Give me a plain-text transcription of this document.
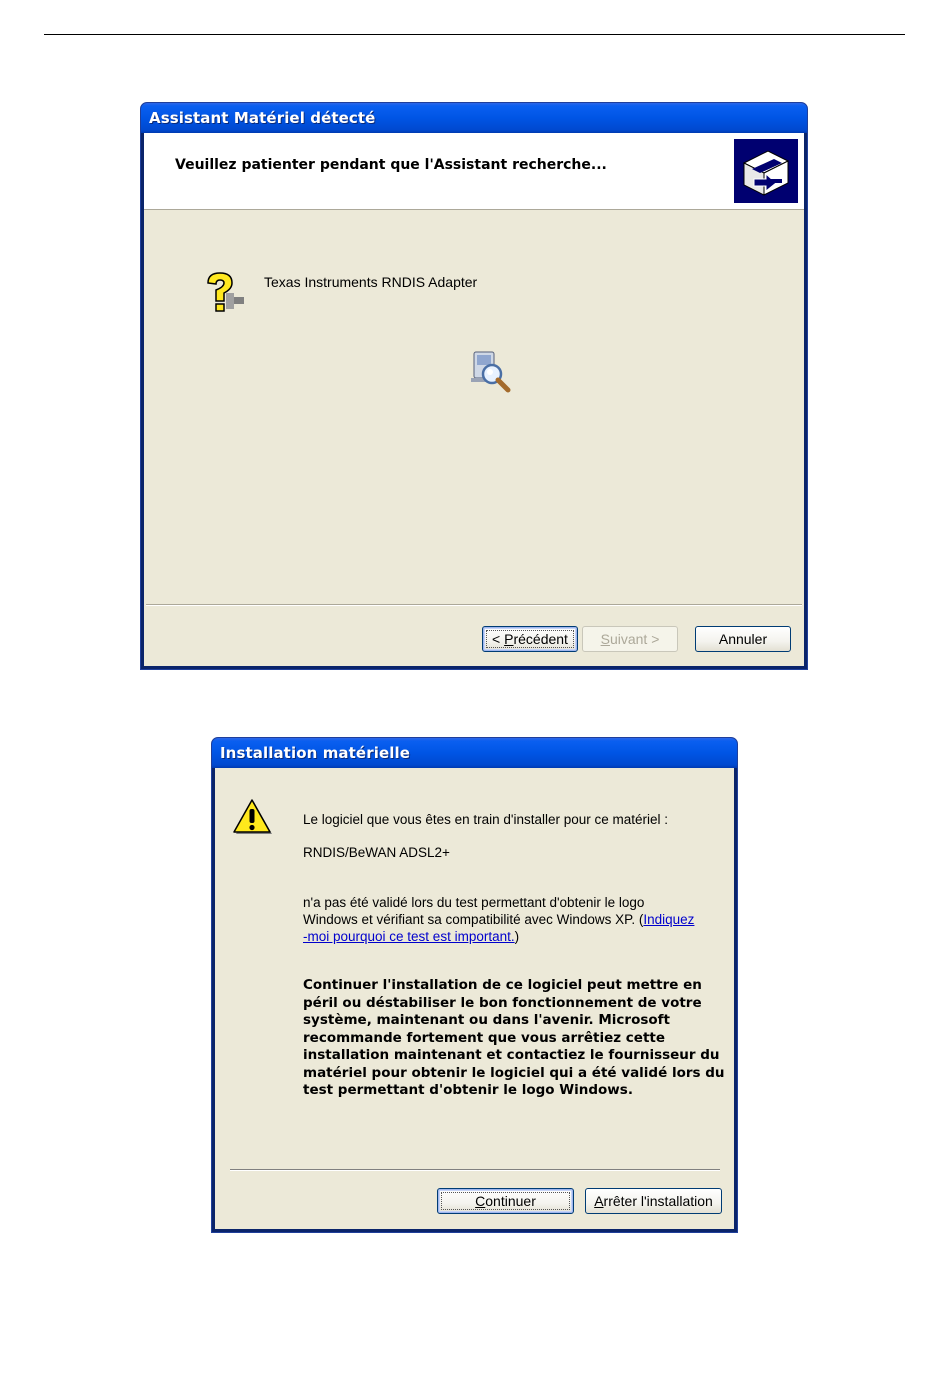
Assistant Matériel détecté
Veuillez patienter pendant que l'Assistant recherche...
Texas Instruments RNDIS Adapter
< Précédent	Suivant >	Annuler
Installation matérielle
Le logiciel que vous êtes en train d'installer pour ce matériel :
RNDIS/BeWAN ADSL2+
n'a pas été validé lors du test permettant d'obtenir le logo
Windows et vérifiant sa compatibilité avec Windows XP. (Indiquez
-moi pourquoi ce test est important.)
Continuer l'installation de ce logiciel peut mettre en péril ou déstabiliser le bon fonctionnement de votre système, maintenant ou dans l'avenir. Microsoft recommande fortement que vous arrêtiez cette installation maintenant et contactiez le fournisseur du matériel pour obtenir le logiciel qui a été validé lors du test permettant d'obtenir le logo Windows.
Continuer	Arrêter l'installation
